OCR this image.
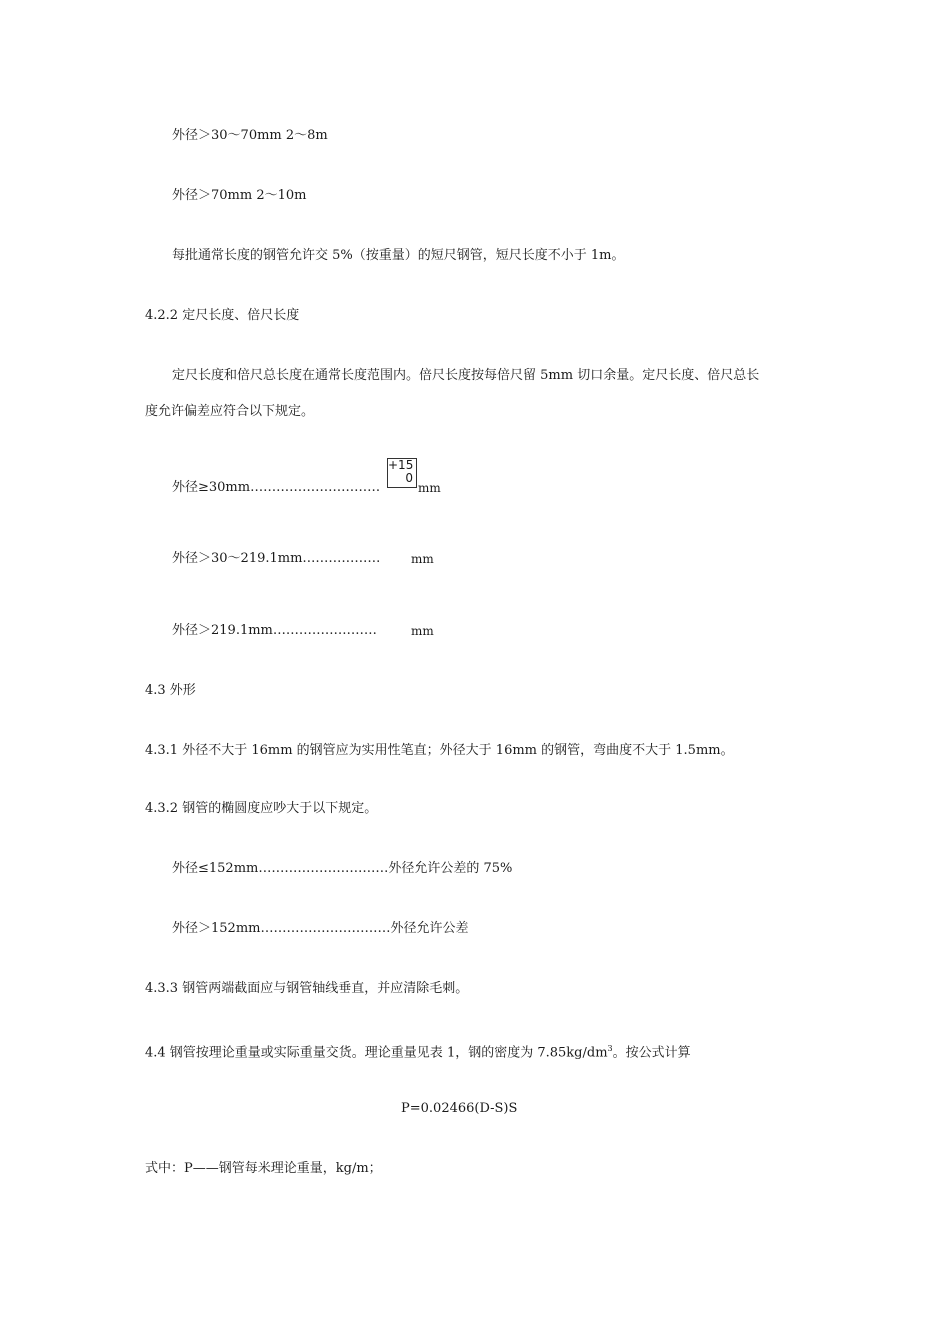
外径＞30～70mm 2～8m
外径＞70mm 2～10m
每批通常长度的钢管允许交 5%（按重量）的短尺钢管，短尺长度不小于 1m。
4.2.2 定尺长度、倍尺长度
定尺长度和倍尺总长度在通常长度范围内。倍尺长度按每倍尺留 5mm 切口余量。定尺长度、倍尺总长
度允许偏差应符合以下规定。
外径≥30mm…………………………
+15
0
mm
外径＞30～219.1mm………………	mm
外径＞219.1mm……………………	mm
4.3 外形
4.3.1 外径不大于 16mm 的钢管应为实用性笔直；外径大于 16mm 的钢管，弯曲度不大于 1.5mm。
4.3.2 钢管的椭圆度应吵大于以下规定。
外径≤152mm…………………………外径允许公差的 75%
外径＞152mm…………………………外径允许公差
4.3.3 钢管两端截面应与钢管轴线垂直，并应清除毛刺。
4.4 钢管按理论重量或实际重量交货。理论重量见表 1，钢的密度为 $7.85kg/dm^3$。按公式计算
P=0.02466(D-S)S
式中：P——钢管每米理论重量，kg/m；
